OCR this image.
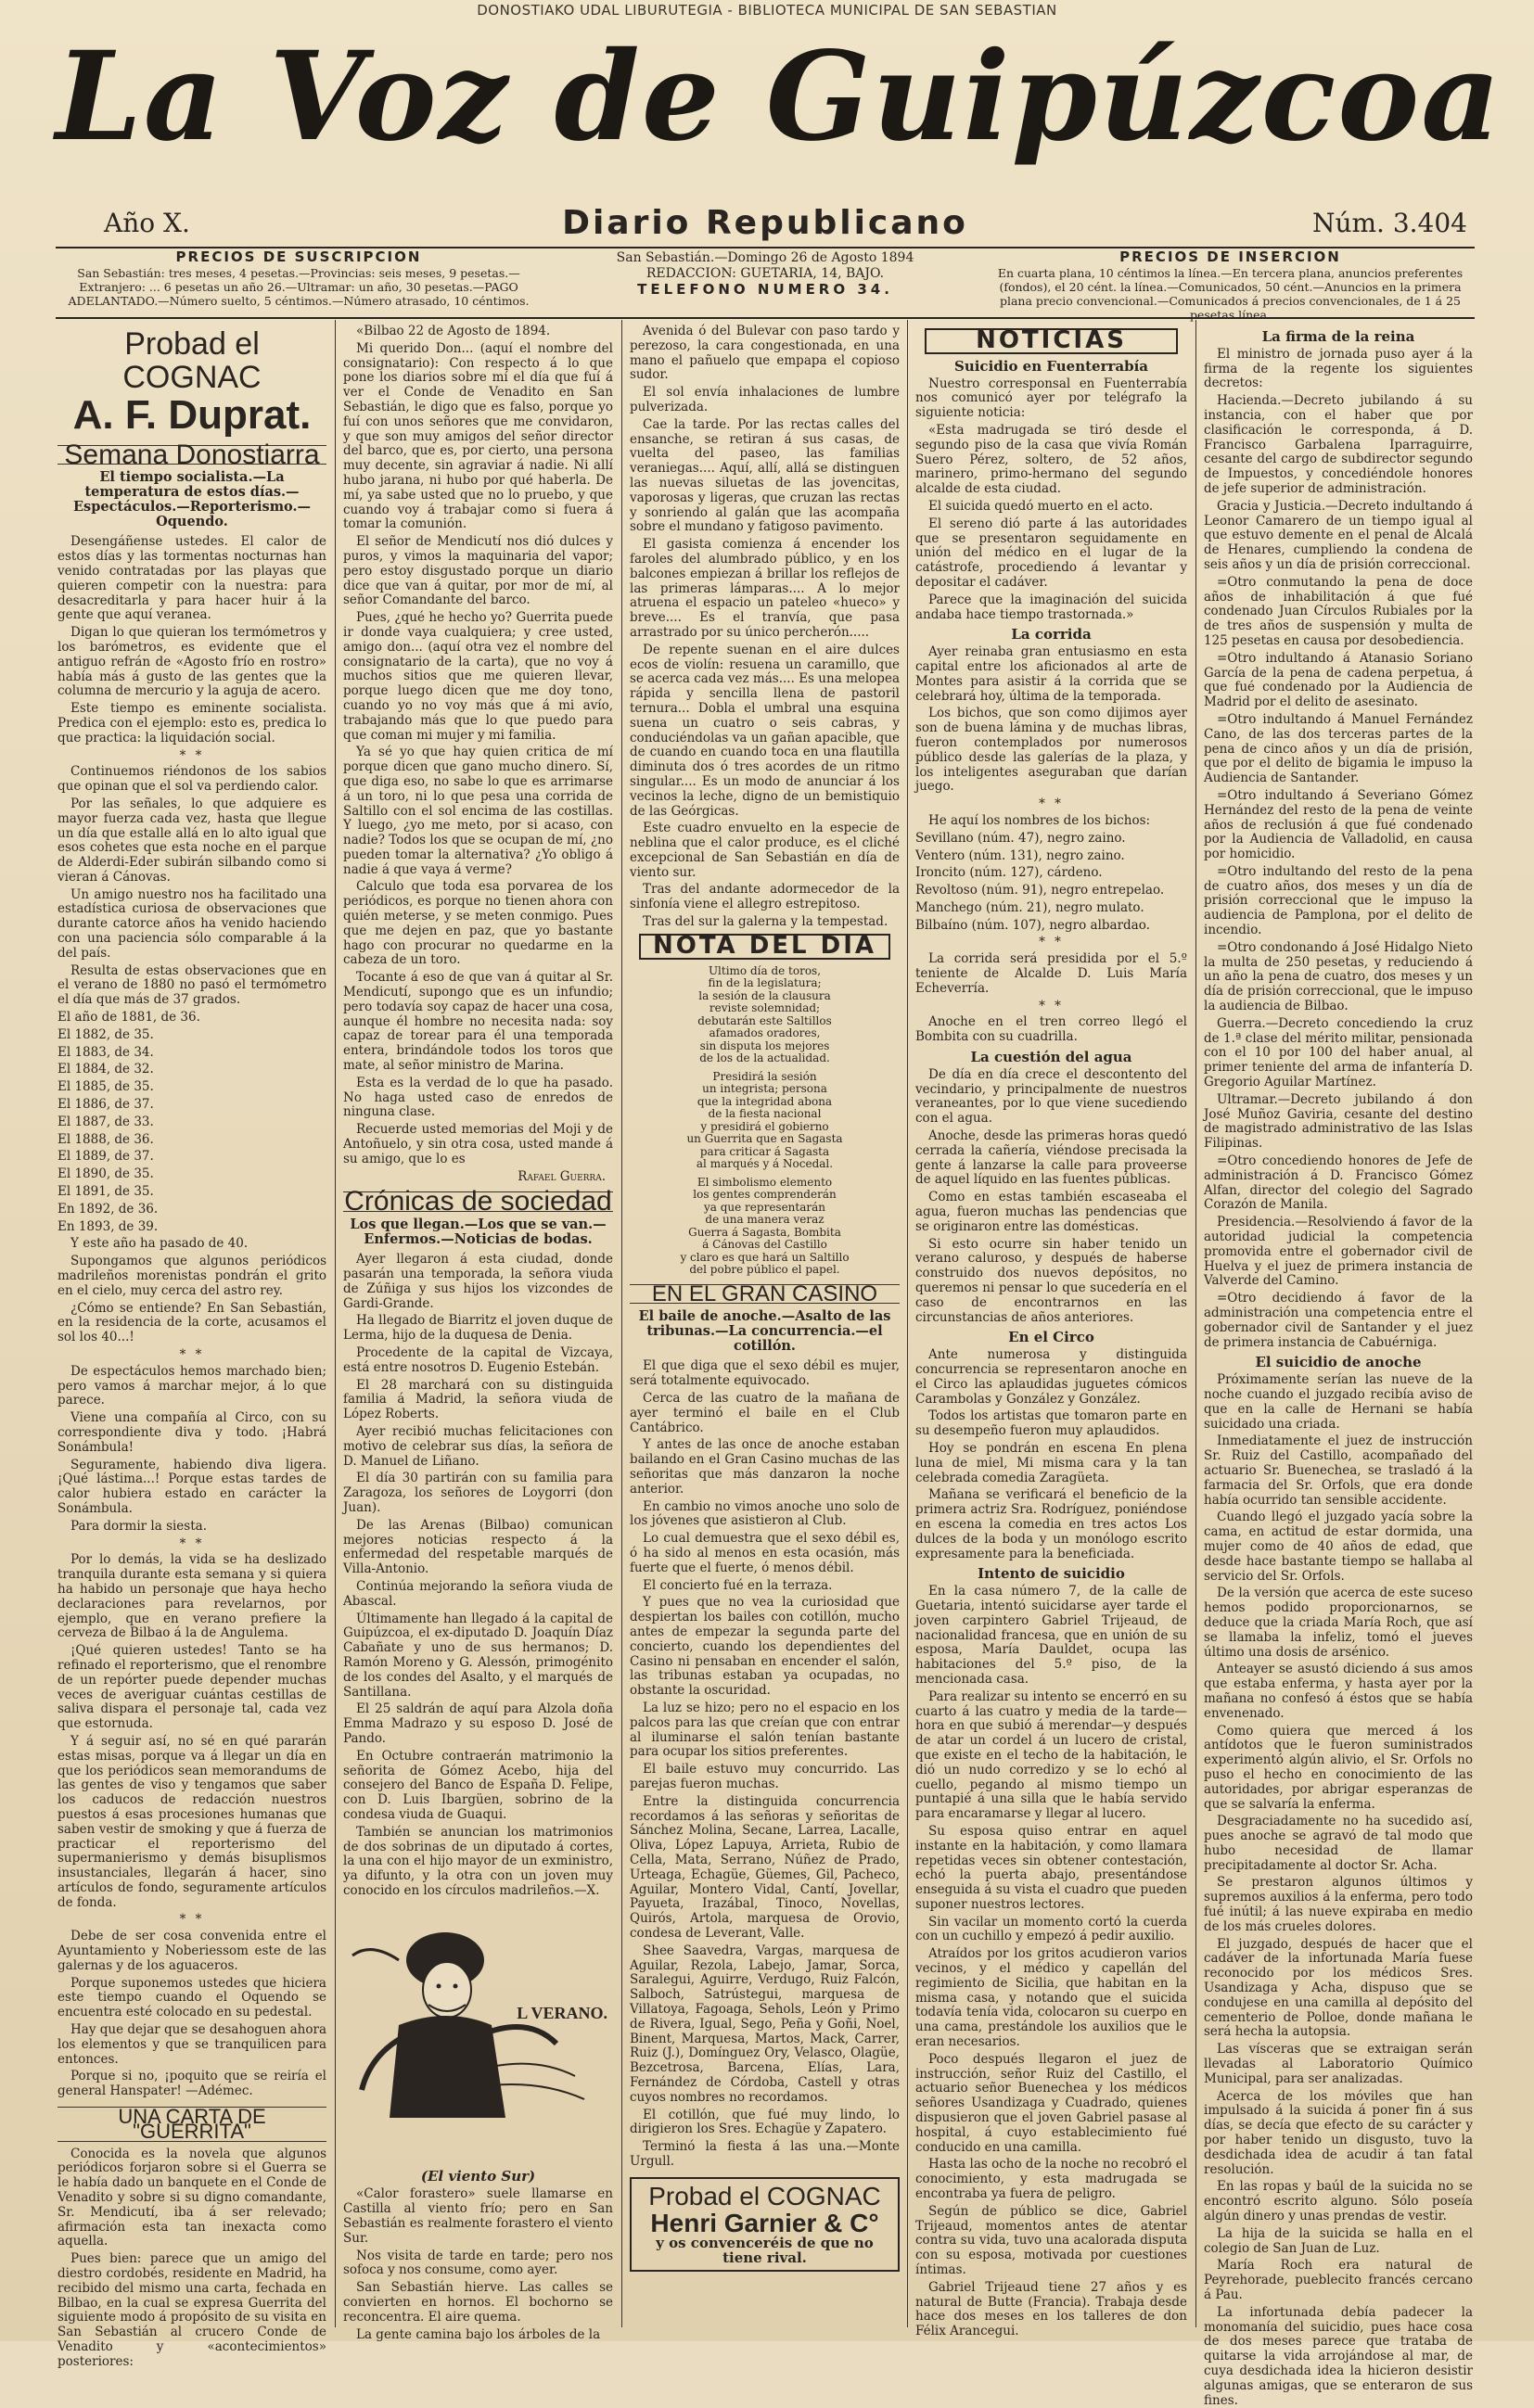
DONOSTIAKO UDAL LIBURUTEGIA - BIBLIOTECA MUNICIPAL DE SAN SEBASTIAN
La Voz de Guipúzcoa
Año X.	Diario Republicano	Núm. 3.404
PRECIOS DE SUSCRIPCION

San Sebastián: tres meses, 4 pesetas.—Provincias: seis meses, 9 pesetas.—Extranjero: ... 6 pesetas un año 26.—Ultramar: un año, 30 pesetas.—PAGO ADELANTADO.—Número suelto, 5 céntimos.—Número atrasado, 10 céntimos.

San Sebastián.—Domingo 26 de Agosto 1894

REDACCION: GUETARIA, 14, BAJO.

TELEFONO NUMERO 34.

PRECIOS DE INSERCION

En cuarta plana, 10 céntimos la línea.—En tercera plana, anuncios preferentes (fondos), el 20 cént. la línea.—Comunicados, 50 cént.—Anuncios en la primera plana precio convencional.—Comunicados á precios convencionales, de 1 á 25 pesetas línea.

Probad el COGNAC
A. F. Duprat.
Semana Donostiarra
El tiempo socialista.—La temperatura de estos días.—Espectáculos.—Reporterismo.—Oquendo.

Desengáñense ustedes. El calor de estos días y las tormentas nocturnas han venido contratadas por las playas que quieren competir con la nuestra: para desacreditarla y para hacer huir á la gente que aquí veranea.

Digan lo que quieran los termómetros y los barómetros, es evidente que el antiguo refrán de «Agosto frío en rostro» había más á gusto de las gentes que la columna de mercurio y la aguja de acero.

Este tiempo es eminente socialista. Predica con el ejemplo: esto es, predica lo que practica: la liquidación social.

* *

Continuemos riéndonos de los sabios que opinan que el sol va perdiendo calor.

Por las señales, lo que adquiere es mayor fuerza cada vez, hasta que llegue un día que estalle allá en lo alto igual que esos cohetes que esta noche en el parque de Alderdi-Eder subirán silbando como si vieran á Cánovas.

Un amigo nuestro nos ha facilitado una estadística curiosa de observaciones que durante catorce años ha venido haciendo con una paciencia sólo comparable á la del país.

Resulta de estas observaciones que en el verano de 1880 no pasó el termómetro el día que más de 37 grados.

El año de 1881, de 36.

El 1882, de 35.

El 1883, de 34.

El 1884, de 32.

El 1885, de 35.

El 1886, de 37.

El 1887, de 33.

El 1888, de 36.

El 1889, de 37.

El 1890, de 35.

El 1891, de 35.

En 1892, de 36.

En 1893, de 39.

Y este año ha pasado de 40.

Supongamos que algunos periódicos madrileños morenistas pondrán el grito en el cielo, muy cerca del astro rey.

¿Cómo se entiende? En San Sebastián, en la residencia de la corte, acusamos el sol los 40...!

* *

De espectáculos hemos marchado bien; pero vamos á marchar mejor, á lo que parece.

Viene una compañía al Circo, con su correspondiente diva y todo. ¡Habrá Sonámbula!

Seguramente, habiendo diva ligera. ¡Qué lástima...! Porque estas tardes de calor hubiera estado en carácter la Sonámbula.

Para dormir la siesta.

* *

Por lo demás, la vida se ha deslizado tranquila durante esta semana y si quiera ha habido un personaje que haya hecho declaraciones para revelarnos, por ejemplo, que en verano prefiere la cerveza de Bilbao á la de Angulema.

¡Qué quieren ustedes! Tanto se ha refinado el reporterismo, que el renombre de un repórter puede depender muchas veces de averiguar cuántas cestillas de saliva dispara el personaje tal, cada vez que estornuda.

Y á seguir así, no sé en qué pararán estas misas, porque va á llegar un día en que los periódicos sean memorandums de las gentes de viso y tengamos que saber los caducos de redacción nuestros puestos á esas procesiones humanas que saben vestir de smoking y que á fuerza de practicar el reporterismo del supermanierismo y demás bisuplismos insustanciales, llegarán á hacer, sino artículos de fondo, seguramente artículos de fonda.

* *

Debe de ser cosa convenida entre el Ayuntamiento y Noberiessom este de las galernas y de los aguaceros.

Porque suponemos ustedes que hiciera este tiempo cuando el Oquendo se encuentra esté colocado en su pedestal.

Hay que dejar que se desahoguen ahora los elementos y que se tranquilicen para entonces.

Porque si no, ¡poquito que se reiría el general Hanspater! —Adémec.

UNA CARTA DE "GUERRITA"

Conocida es la novela que algunos periódicos forjaron sobre si el Guerra se le había dado un banquete en el Conde de Venadito y sobre si su digno comandante, Sr. Mendicutí, iba á ser relevado; afirmación esta tan inexacta como aquella.

Pues bien: parece que un amigo del diestro cordobés, residente en Madrid, ha recibido del mismo una carta, fechada en Bilbao, en la cual se expresa Guerrita del siguiente modo á propósito de su visita en San Sebastián al crucero Conde de Venadito y «acontecimientos» posteriores:

«Bilbao 22 de Agosto de 1894.

Mi querido Don... (aquí el nombre del consignatario): Con respecto á lo que pone los diarios sobre mí el día que fuí á ver el Conde de Venadito en San Sebastián, le digo que es falso, porque yo fuí con unos señores que me convidaron, y que son muy amigos del señor director del barco, que es, por cierto, una persona muy decente, sin agraviar á nadie. Ni allí hubo jarana, ni hubo por qué haberla. De mí, ya sabe usted que no lo pruebo, y que cuando voy á trabajar como si fuera á tomar la comunión.

El señor de Mendicutí nos dió dulces y puros, y vimos la maquinaria del vapor; pero estoy disgustado porque un diario dice que van á quitar, por mor de mí, al señor Comandante del barco.

Pues, ¿qué he hecho yo? Guerrita puede ir donde vaya cualquiera; y cree usted, amigo don... (aquí otra vez el nombre del consignatario de la carta), que no voy á muchos sitios que me quieren llevar, porque luego dicen que me doy tono, cuando yo no voy más que á mi avío, trabajando más que lo que puedo para que coman mi mujer y mi familia.

Ya sé yo que hay quien critica de mí porque dicen que gano mucho dinero. Sí, que diga eso, no sabe lo que es arrimarse á un toro, ni lo que pesa una corrida de Saltillo con el sol encima de las costillas. Y luego, ¿yo me meto, por si acaso, con nadie? Todos los que se ocupan de mí, ¿no pueden tomar la alternativa? ¿Yo obligo á nadie á que vaya á verme?

Calculo que toda esa porvarea de los periódicos, es porque no tienen ahora con quién meterse, y se meten conmigo. Pues que me dejen en paz, que yo bastante hago con procurar no quedarme en la cabeza de un toro.

Tocante á eso de que van á quitar al Sr. Mendicutí, supongo que es un infundio; pero todavía soy capaz de hacer una cosa, aunque él hombre no necesita nada: soy capaz de torear para él una temporada entera, brindándole todos los toros que mate, al señor ministro de Marina.

Esta es la verdad de lo que ha pasado. No haga usted caso de enredos de ninguna clase.

Recuerde usted memorias del Moji y de Antoñuelo, y sin otra cosa, usted mande á su amigo, que lo es

Rafael Guerra.
Crónicas de sociedad
Los que llegan.—Los que se van.—Enfermos.—Noticias de bodas.

Ayer llegaron á esta ciudad, donde pasarán una temporada, la señora viuda de Zúñiga y sus hijos los vizcondes de Gardi-Grande.

Ha llegado de Biarritz el joven duque de Lerma, hijo de la duquesa de Denia.

Procedente de la capital de Vizcaya, está entre nosotros D. Eugenio Estebán.

El 28 marchará con su distinguida familia á Madrid, la señora viuda de López Roberts.

Ayer recibió muchas felicitaciones con motivo de celebrar sus días, la señora de D. Manuel de Liñano.

El día 30 partirán con su familia para Zaragoza, los señores de Loygorri (don Juan).

De las Arenas (Bilbao) comunican mejores noticias respecto á la enfermedad del respetable marqués de Villa-Antonio.

Continúa mejorando la señora viuda de Abascal.

Últimamente han llegado á la capital de Guipúzcoa, el ex-diputado D. Joaquín Díaz Cabañate y uno de sus hermanos; D. Ramón Moreno y G. Alessón, primogénito de los condes del Asalto, y el marqués de Santillana.

El 25 saldrán de aquí para Alzola doña Emma Madrazo y su esposo D. José de Pando.

En Octubre contraerán matrimonio la señorita de Gómez Acebo, hija del consejero del Banco de España D. Felipe, con D. Luis Ibargüen, sobrino de la condesa viuda de Guaqui.

También se anuncian los matrimonios de dos sobrinas de un diputado á cortes, la una con el hijo mayor de un exministro, ya difunto, y la otra con un joven muy conocido en los círculos madrileños.—X.

L VERANO.
(El viento Sur)

«Calor forastero» suele llamarse en Castilla al viento frío; pero en San Sebastián es realmente forastero el viento Sur.

Nos visita de tarde en tarde; pero nos sofoca y nos consume, como ayer.

San Sebastián hierve. Las calles se convierten en hornos. El bochorno se reconcentra. El aire quema.

La gente camina bajo los árboles de la

Avenida ó del Bulevar con paso tardo y perezoso, la cara congestionada, en una mano el pañuelo que empapa el copioso sudor.

El sol envía inhalaciones de lumbre pulverizada.

Cae la tarde. Por las rectas calles del ensanche, se retiran á sus casas, de vuelta del paseo, las familias veraniegas.... Aquí, allí, allá se distinguen las nuevas siluetas de las jovencitas, vaporosas y ligeras, que cruzan las rectas y sonriendo al galán que las acompaña sobre el mundano y fatigoso pavimento.

El gasista comienza á encender los faroles del alumbrado público, y en los balcones empiezan á brillar los reflejos de las primeras lámparas.... A lo mejor atruena el espacio un pateleo «hueco» y breve.... Es el tranvía, que pasa arrastrado por su único percherón.....

De repente suenan en el aire dulces ecos de violín: resuena un caramillo, que se acerca cada vez más.... Es una melopea rápida y sencilla llena de pastoril ternura... Dobla el umbral una esquina suena un cuatro o seis cabras, y conduciéndolas va un gañan apacible, que de cuando en cuando toca en una flautilla diminuta dos ó tres acordes de un ritmo singular.... Es un modo de anunciar á los vecinos la leche, digno de un bemistiquio de las Geórgicas.

Este cuadro envuelto en la especie de neblina que el calor produce, es el cliché excepcional de San Sebastián en día de viento sur.

Tras del andante adormecedor de la sinfonía viene el allegro estrepitoso.

Tras del sur la galerna y la tempestad.

NOTA DEL DIA
Ultimo día de toros,
fin de la legislatura;
la sesión de la clausura
reviste solemnidad;
debutarán este Saltillos
afamados oradores,
sin disputa los mejores
de los de la actualidad.
Presidirá la sesión
un integrista; persona
que la integridad abona
de la fiesta nacional
y presidirá el gobierno
un Guerrita que en Sagasta
para criticar á Sagasta
al marqués y á Nocedal.
El simbolismo elemento
los gentes comprenderán
ya que representarán
de una manera veraz
Guerra á Sagasta, Bombita
á Cánovas del Castillo
y claro es que hará un Saltillo
del pobre público el papel.
EN EL GRAN CASINO
El baile de anoche.—Asalto de las tribunas.—La concurrencia.—el cotillón.

El que diga que el sexo débil es mujer, será totalmente equivocado.

Cerca de las cuatro de la mañana de ayer terminó el baile en el Club Cantábrico.

Y antes de las once de anoche estaban bailando en el Gran Casino muchas de las señoritas que más danzaron la noche anterior.

En cambio no vimos anoche uno solo de los jóvenes que asistieron al Club.

Lo cual demuestra que el sexo débil es, ó ha sido al menos en esta ocasión, más fuerte que el fuerte, ó menos débil.

El concierto fué en la terraza.

Y pues que no vea la curiosidad que despiertan los bailes con cotillón, mucho antes de empezar la segunda parte del concierto, cuando los dependientes del Casino ni pensaban en encender el salón, las tribunas estaban ya ocupadas, no obstante la oscuridad.

La luz se hizo; pero no el espacio en los palcos para las que creían que con entrar al iluminarse el salón tenían bastante para ocupar los sitios preferentes.

El baile estuvo muy concurrido. Las parejas fueron muchas.

Entre la distinguida concurrencia recordamos á las señoras y señoritas de Sánchez Molina, Secane, Larrea, Lacalle, Oliva, López Lapuya, Arrieta, Rubio de Cella, Mata, Serrano, Núñez de Prado, Urteaga, Echagüe, Güemes, Gil, Pacheco, Aguilar, Montero Vidal, Cantí, Jovellar, Payueta, Irazábal, Tinoco, Novellas, Quirós, Artola, marquesa de Orovio, condesa de Leverant, Valle.

Shee Saavedra, Vargas, marquesa de Aguilar, Rezola, Labejo, Jamar, Sorca, Saralegui, Aguirre, Verdugo, Ruiz Falcón, Salboch, Satrústegui, marquesa de Villatoya, Fagoaga, Sehols, León y Primo de Rivera, Igual, Sego, Peña y Goñi, Noel, Binent, Marquesa, Martos, Mack, Carrer, Ruiz (J.), Domínguez Ory, Velasco, Olagüe, Bezcetrosa, Barcena, Elías, Lara, Fernández de Córdoba, Castell y otras cuyos nombres no recordamos.

El cotillón, que fué muy lindo, lo dirigieron los Sres. Echagüe y Zapatero.

Terminó la fiesta á las una.—Monte Urgull.

Probad el COGNAC
Henri Garnier & C°
y os convenceréis de que no tiene rival.
NOTICIAS
Suicidio en Fuenterrabía

Nuestro corresponsal en Fuenterrabía nos comunicó ayer por telégrafo la siguiente noticia:

«Esta madrugada se tiró desde el segundo piso de la casa que vivía Román Suero Pérez, soltero, de 52 años, marinero, primo-hermano del segundo alcalde de esta ciudad.

El suicida quedó muerto en el acto.

El sereno dió parte á las autoridades que se presentaron seguidamente en unión del médico en el lugar de la catástrofe, procediendo á levantar y depositar el cadáver.

Parece que la imaginación del suicida andaba hace tiempo trastornada.»

La corrida

Ayer reinaba gran entusiasmo en esta capital entre los aficionados al arte de Montes para asistir á la corrida que se celebrará hoy, última de la temporada.

Los bichos, que son como dijimos ayer son de buena lámina y de muchas libras, fueron contemplados por numerosos público desde las galerías de la plaza, y los inteligentes aseguraban que darían juego.

* *

He aquí los nombres de los bichos:

Sevillano (núm. 47), negro zaino.

Ventero (núm. 131), negro zaino.

Ironcito (núm. 127), cárdeno.

Revoltoso (núm. 91), negro entrepelao.

Manchego (núm. 21), negro mulato.

Bilbaíno (núm. 107), negro albardao.

* *

La corrida será presidida por el 5.º teniente de Alcalde D. Luis María Echeverría.

* *

Anoche en el tren correo llegó el Bombita con su cuadrilla.

La cuestión del agua

De día en día crece el descontento del vecindario, y principalmente de nuestros veraneantes, por lo que viene sucediendo con el agua.

Anoche, desde las primeras horas quedó cerrada la cañería, viéndose precisada la gente á lanzarse la calle para proveerse de aquel líquido en las fuentes públicas.

Como en estas también escaseaba el agua, fueron muchas las pendencias que se originaron entre las domésticas.

Si esto ocurre sin haber tenido un verano caluroso, y después de haberse construido dos nuevos depósitos, no queremos ni pensar lo que sucedería en el caso de encontrarnos en las circunstancias de años anteriores.

En el Circo

Ante numerosa y distinguida concurrencia se representaron anoche en el Circo las aplaudidas juguetes cómicos Carambolas y González y González.

Todos los artistas que tomaron parte en su desempeño fueron muy aplaudidos.

Hoy se pondrán en escena En plena luna de miel, Mi misma cara y la tan celebrada comedia Zaragüeta.

Mañana se verificará el beneficio de la primera actriz Sra. Rodríguez, poniéndose en escena la comedia en tres actos Los dulces de la boda y un monólogo escrito expresamente para la beneficiada.

Intento de suicidio

En la casa número 7, de la calle de Guetaria, intentó suicidarse ayer tarde el joven carpintero Gabriel Trijeaud, de nacionalidad francesa, que en unión de su esposa, María Dauldet, ocupa las habitaciones del 5.º piso, de la mencionada casa.

Para realizar su intento se encerró en su cuarto á las cuatro y media de la tarde—hora en que subió á merendar—y después de atar un cordel á un lucero de cristal, que existe en el techo de la habitación, le dió un nudo corredizo y se lo echó al cuello, pegando al mismo tiempo un puntapié á una silla que le había servido para encaramarse y llegar al lucero.

Su esposa quiso entrar en aquel instante en la habitación, y como llamara repetidas veces sin obtener contestación, echó la puerta abajo, presentándose enseguida á su vista el cuadro que pueden suponer nuestros lectores.

Sin vacilar un momento cortó la cuerda con un cuchillo y empezó á pedir auxilio.

Atraídos por los gritos acudieron varios vecinos, y el médico y capellán del regimiento de Sicilia, que habitan en la misma casa, y notando que el suicida todavía tenía vida, colocaron su cuerpo en una cama, prestándole los auxilios que le eran necesarios.

Poco después llegaron el juez de instrucción, señor Ruiz del Castillo, el actuario señor Buenechea y los médicos señores Usandizaga y Cuadrado, quienes dispusieron que el joven Gabriel pasase al hospital, á cuyo establecimiento fué conducido en una camilla.

Hasta las ocho de la noche no recobró el conocimiento, y esta madrugada se encontraba ya fuera de peligro.

Según de público se dice, Gabriel Trijeaud, momentos antes de atentar contra su vida, tuvo una acalorada disputa con su esposa, motivada por cuestiones íntimas.

Gabriel Trijeaud tiene 27 años y es natural de Butte (Francia). Trabaja desde hace dos meses en los talleres de don Félix Arancegui.

La firma de la reina

El ministro de jornada puso ayer á la firma de la regente los siguientes decretos:

Hacienda.—Decreto jubilando á su instancia, con el haber que por clasificación le corresponda, á D. Francisco Garbalena Iparraguirre, cesante del cargo de subdirector segundo de Impuestos, y concediéndole honores de jefe superior de administración.

Gracia y Justicia.—Decreto indultando á Leonor Camarero de un tiempo igual al que estuvo demente en el penal de Alcalá de Henares, cumpliendo la condena de seis años y un día de prisión correccional.

=Otro conmutando la pena de doce años de inhabilitación á que fué condenado Juan Círculos Rubiales por la de tres años de suspensión y multa de 125 pesetas en causa por desobediencia.

=Otro indultando á Atanasio Soriano García de la pena de cadena perpetua, á que fué condenado por la Audiencia de Madrid por el delito de asesinato.

=Otro indultando á Manuel Fernández Cano, de las dos terceras partes de la pena de cinco años y un día de prisión, que por el delito de bigamia le impuso la Audiencia de Santander.

=Otro indultando á Severiano Gómez Hernández del resto de la pena de veinte años de reclusión á que fué condenado por la Audiencia de Valladolid, en causa por homicidio.

=Otro indultando del resto de la pena de cuatro años, dos meses y un día de prisión correccional que le impuso la audiencia de Pamplona, por el delito de incendio.

=Otro condonando á José Hidalgo Nieto la multa de 250 pesetas, y reduciendo á un año la pena de cuatro, dos meses y un día de prisión correccional, que le impuso la audiencia de Bilbao.

Guerra.—Decreto concediendo la cruz de 1.ª clase del mérito militar, pensionada con el 10 por 100 del haber anual, al primer teniente del arma de infantería D. Gregorio Aguilar Martínez.

Ultramar.—Decreto jubilando á don José Muñoz Gaviria, cesante del destino de magistrado administrativo de las Islas Filipinas.

=Otro concediendo honores de Jefe de administración á D. Francisco Gómez Alfan, director del colegio del Sagrado Corazón de Manila.

Presidencia.—Resolviendo á favor de la autoridad judicial la competencia promovida entre el gobernador civil de Huelva y el juez de primera instancia de Valverde del Camino.

=Otro decidiendo á favor de la administración una competencia entre el gobernador civil de Santander y el juez de primera instancia de Cabuérniga.

El suicidio de anoche

Próximamente serían las nueve de la noche cuando el juzgado recibía aviso de que en la calle de Hernani se había suicidado una criada.

Inmediatamente el juez de instrucción Sr. Ruiz del Castillo, acompañado del actuario Sr. Buenechea, se trasladó á la farmacia del Sr. Orfols, que era donde había ocurrido tan sensible accidente.

Cuando llegó el juzgado yacía sobre la cama, en actitud de estar dormida, una mujer como de 40 años de edad, que desde hace bastante tiempo se hallaba al servicio del Sr. Orfols.

De la versión que acerca de este suceso hemos podido proporcionarnos, se deduce que la criada María Roch, que así se llamaba la infeliz, tomó el jueves último una dosis de arsénico.

Anteayer se asustó diciendo á sus amos que estaba enferma, y hasta ayer por la mañana no confesó á éstos que se había envenenado.

Como quiera que merced á los antídotos que le fueron suministrados experimentó algún alivio, el Sr. Orfols no puso el hecho en conocimiento de las autoridades, por abrigar esperanzas de que se salvaría la enferma.

Desgraciadamente no ha sucedido así, pues anoche se agravó de tal modo que hubo necesidad de llamar precipitadamente al doctor Sr. Acha.

Se prestaron algunos últimos y supremos auxilios á la enferma, pero todo fué inútil; á las nueve expiraba en medio de los más crueles dolores.

El juzgado, después de hacer que el cadáver de la infortunada María fuese reconocido por los médicos Sres. Usandizaga y Acha, dispuso que se condujese en una camilla al depósito del cementerio de Polloe, donde mañana le será hecha la autopsia.

Las vísceras que se extraigan serán llevadas al Laboratorio Químico Municipal, para ser analizadas.

Acerca de los móviles que han impulsado á la suicida á poner fin á sus días, se decía que efecto de su carácter y por haber tenido un disgusto, tuvo la desdichada idea de acudir á tan fatal resolución.

En las ropas y baúl de la suicida no se encontró escrito alguno. Sólo poseía algún dinero y unas prendas de vestir.

La hija de la suicida se halla en el colegio de San Juan de Luz.

María Roch era natural de Peyrehorade, pueblecito francés cercano á Pau.

La infortunada debía padecer la monomanía del suicidio, pues hace cosa de dos meses parece que trataba de quitarse la vida arrojándose al mar, de cuya desdichada idea la hicieron desistir algunas amigas, que se enteraron de sus fines.
